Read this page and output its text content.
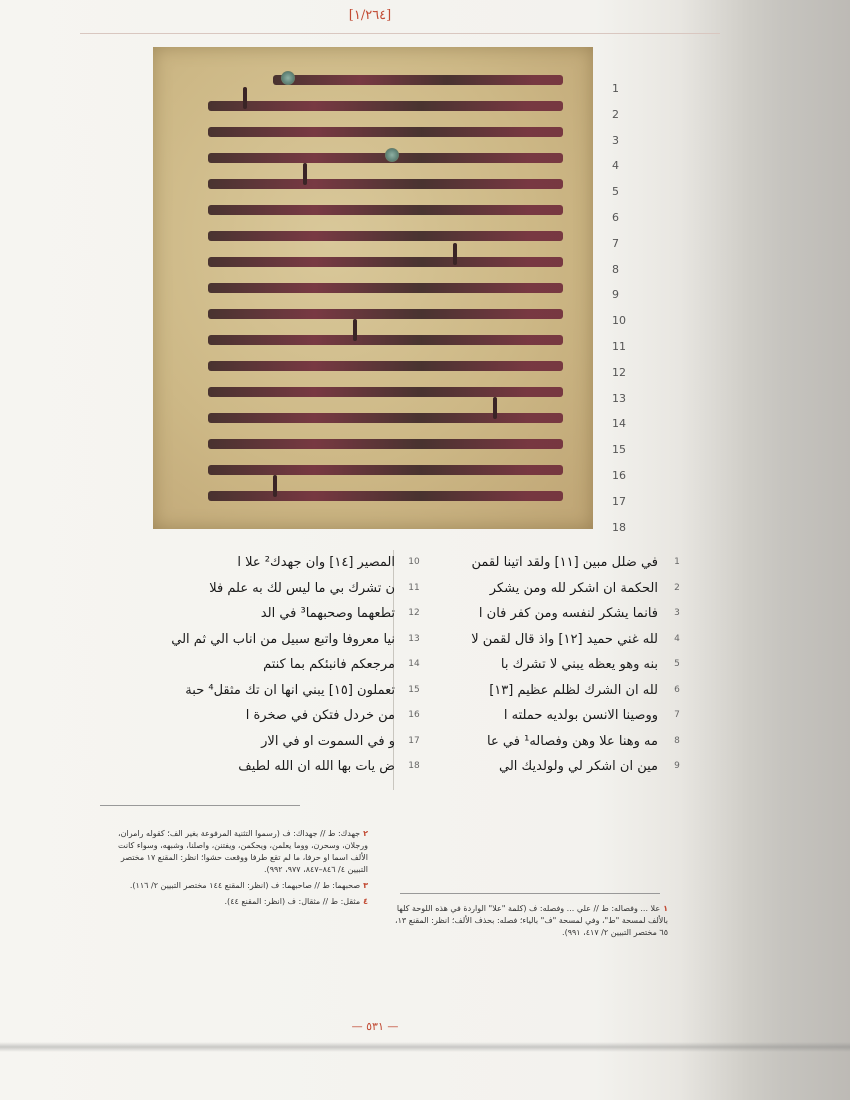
[١/٢٦٤]
1
2
3
4
5
6
7
8
9
10
11
12
13
14
15
16
17
18
1
في ضلل مبين [١١] ولقد اتينا لقمن
2
الحكمة ان اشكر لله ومن يشكر
3
فانما يشكر لنفسه ومن كفر فان ا
4
لله غني حميد [١٢] واذ قال لقمن لا
5
بنه وهو يعظه يبني لا تشرك با
6
لله ان الشرك لظلم عظيم [١٣]
7
ووصينا الانسن بولديه حملته ا
8
مه وهنا علا وهن وفصاله¹ في عا
9
مين ان اشكر لي ولولديك الي
10
المصير [١٤] وان جهدك² علا ا
11
ن تشرك بي ما ليس لك به علم فلا
12
تطعهما وصحبهما³ في الد
13
نيا معروفا واتبع سبيل من اناب الي ثم الي
14
مرجعكم فانبئكم بما كنتم
15
تعملون [١٥] يبني انها ان تك مثقل⁴ حبة
16
من خردل فتكن في صخرة ا
17
و في السموت او في الار
18
ض يات بها الله ان الله لطيف
٢جهدك: ط // جهداك: ف (رسموا التثنية المرفوعة بغير الف؛ كقوله رامران، ورجلان، وسحرن، ووما يعلمن، ويحكمن، ويفتنن، واصلنا، وشبهه، وسواء كانت الألف اسما او حرفا، ما لم تقع طرفا ووقعت حشوا؛ انظر: المقنع ١٧ مختصر التبيين ٤/ ٨٤٦–٨٤٧، ٩٧٧، ٩٩٢).
٣صحبهما: ط // صاحبهما: ف (انظر: المقنع ١٤٤ مختصر التبيين ٢/ ١١٦).
٤مثقل: ط // مثقال: ف (انظر: المقنع ٤٤).
١علا ... وفصاله: ط // علي ... وفصله: ف (كلمة "علا" الواردة في هذه اللوحة كلها بالألف لمسحة "ط"، وفي لمسحة "ف" بالياء؛ فصله: بحذف الألف؛ انظر: المقنع ١٣، ٦٥ مختصر التبيين ٢/ ٤١٧، ٩٩١).
— ٥٣١ —
